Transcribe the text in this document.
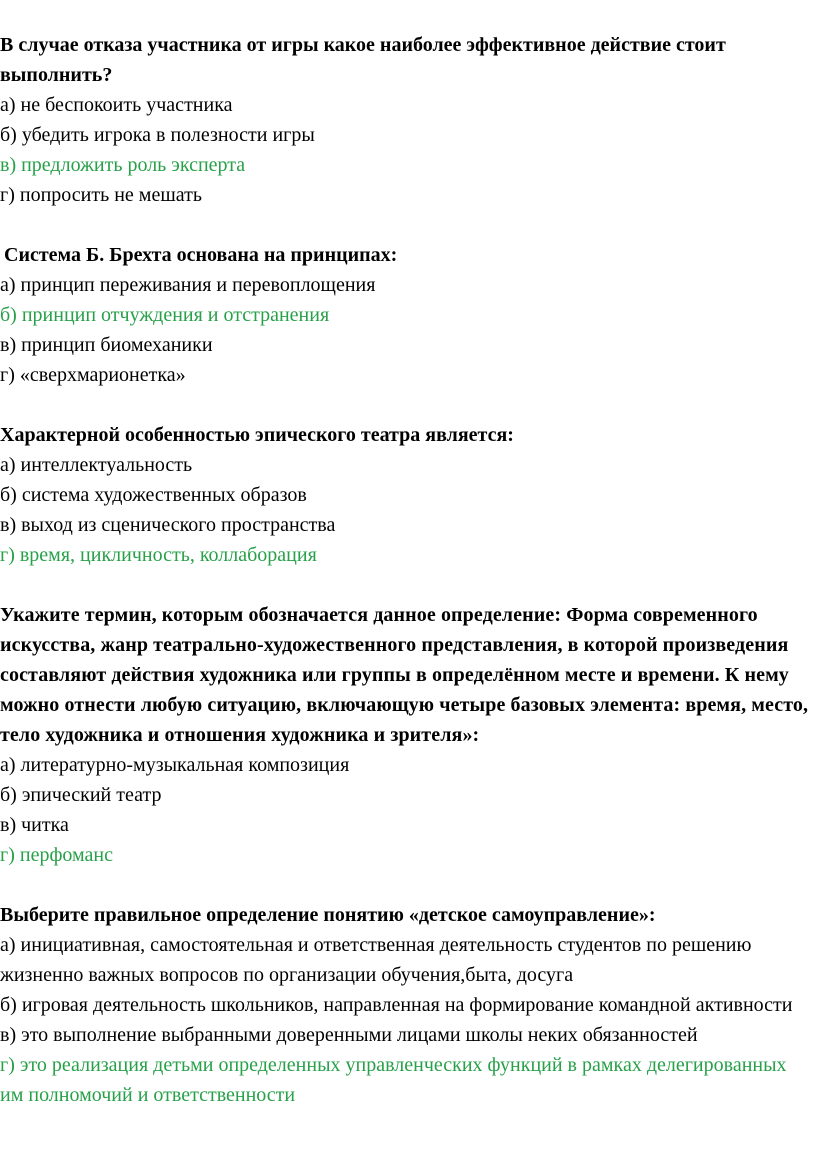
В случае отказа участника от игры какое наиболее эффективное действие стоит выполнить?

а) не беспокоить участника

б) убедить игрока в полезности игры

в) предложить роль эксперта

г) попросить не мешать

Система Б. Брехта основана на принципах:

а) принцип переживания и перевоплощения

б) принцип отчуждения и отстранения

в) принцип биомеханики

г) «сверхмарионетка»

Характерной особенностью эпического театра является:

а) интеллектуальность

б) система художественных образов

в) выход из сценического пространства

г) время, цикличность, коллаборация

Укажите термин, которым обозначается данное определение: Форма современного искусства, жанр театрально-художественного представления, в которой произведения составляют действия художника или группы в определённом месте и времени. К нему можно отнести любую ситуацию, включающую четыре базовых элемента: время, место, тело художника и отношения художника и зрителя»:

а) литературно-музыкальная композиция

б) эпический театр

в) читка

г) перфоманс

Выберите правильное определение понятию «детское самоуправление»:

а) инициативная, самостоятельная и ответственная деятельность студентов по решению жизненно важных вопросов по организации обучения,быта, досуга

б) игровая деятельность школьников, направленная на формирование командной активности

в) это выполнение выбранными доверенными лицами школы неких обязанностей

г) это реализация детьми определенных управленческих функций в рамках делегированных им полномочий и ответственности
